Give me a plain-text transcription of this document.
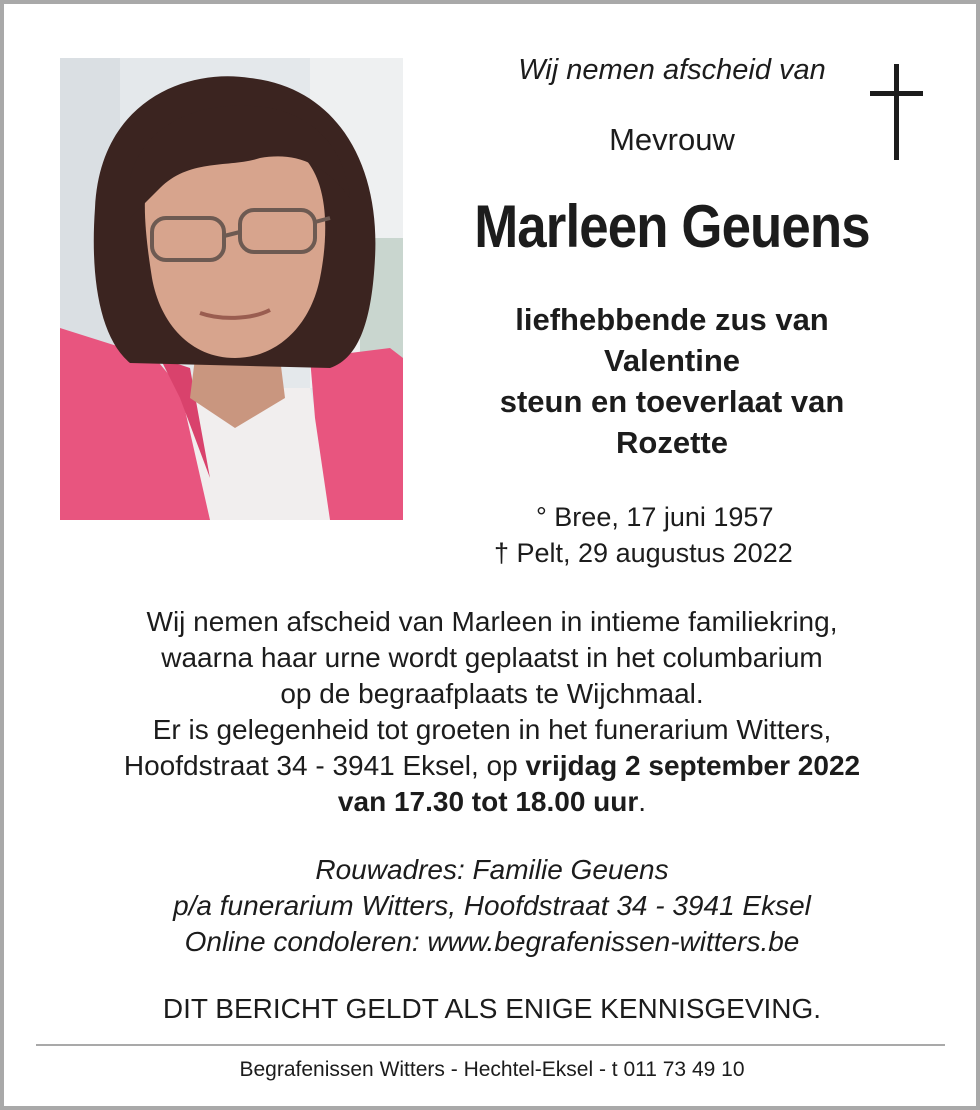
Wij nemen afscheid van
Mevrouw
Marleen Geuens
liefhebbende zus van
Valentine
steun en toeverlaat van
Rozette
° Bree, 17 juni 1957
† Pelt, 29 augustus 2022
Wij nemen afscheid van Marleen in intieme familiekring,
waarna haar urne wordt geplaatst in het columbarium
op de begraafplaats te Wijchmaal.
Er is gelegenheid tot groeten in het funerarium Witters,
Hoofdstraat 34 - 3941 Eksel, op vrijdag 2 september 2022
van 17.30 tot 18.00 uur.
Rouwadres: Familie Geuens
p/a funerarium Witters, Hoofdstraat 34 - 3941 Eksel
Online condoleren: www.begrafenissen-witters.be
DIT BERICHT GELDT ALS ENIGE KENNISGEVING.
Begrafenissen Witters - Hechtel-Eksel - t 011 73 49 10
